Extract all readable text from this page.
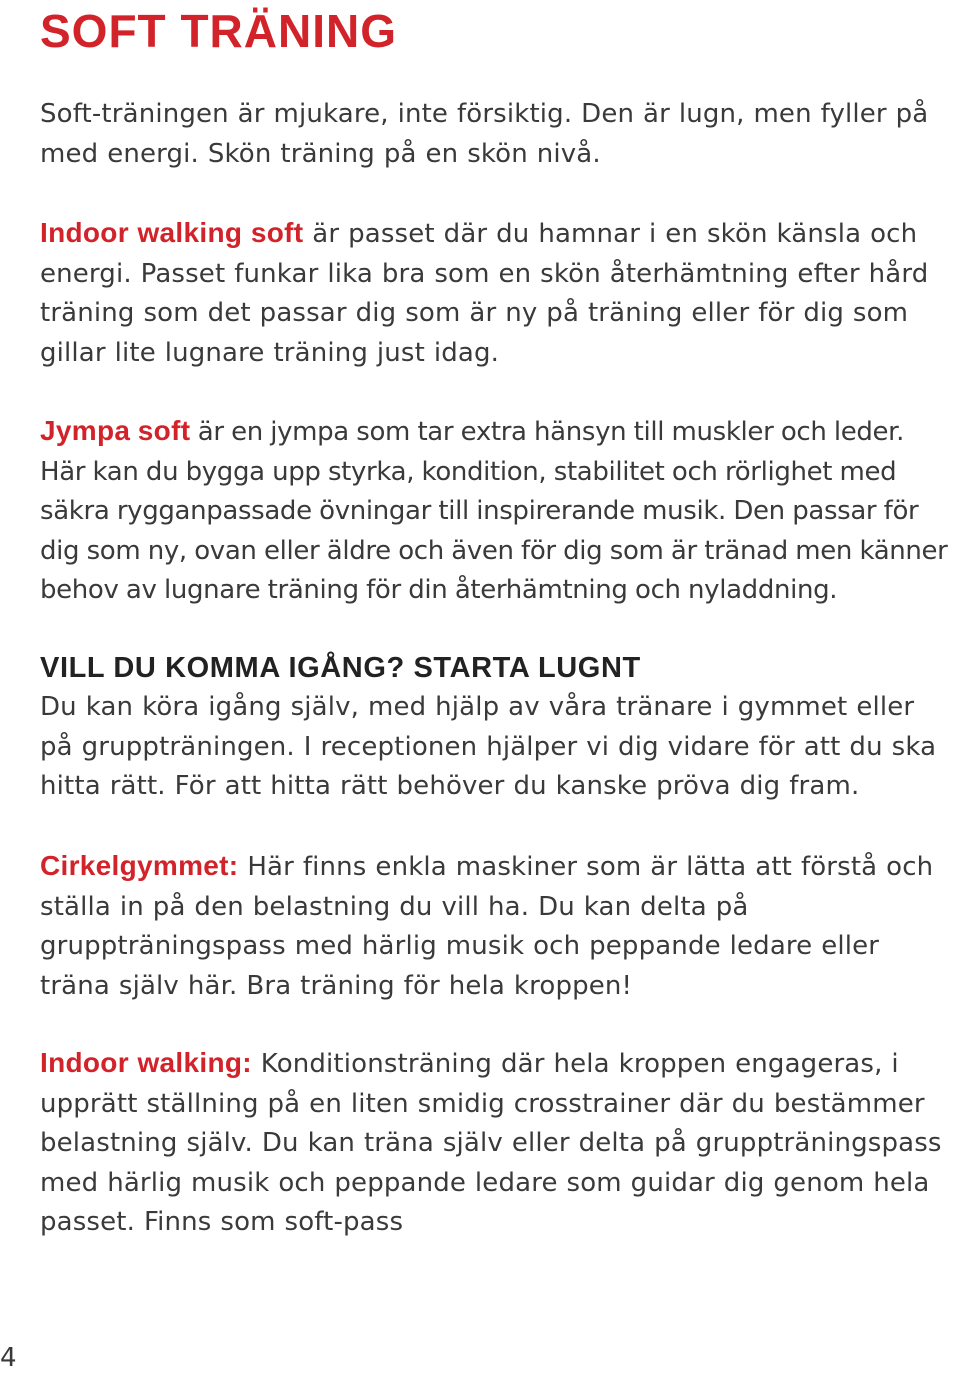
SOFT TRÄNING

Soft-träningen är mjukare, inte försiktig. Den är lugn, men fyller på med energi. Skön träning på en skön nivå.

Indoor walking soft är passet där du hamnar i en skön känsla och energi. Passet funkar lika bra som en skön återhämtning efter hård träning som det passar dig som är ny på träning eller för dig som gillar lite lugnare träning just idag.

Jympa soft är en jympa som tar extra hänsyn till muskler och leder. Här kan du bygga upp styrka, kondition, stabilitet och rörlighet med säkra rygganpassade övningar till inspirerande musik. Den passar för dig som ny, ovan eller äldre och även för dig som är tränad men känner behov av lugnare träning för din återhämtning och nyladdning.

VILL DU KOMMA IGÅNG? STARTA LUGNT

Du kan köra igång själv, med hjälp av våra tränare i gymmet eller på gruppträningen. I receptionen hjälper vi dig vidare för att du ska hitta rätt. För att hitta rätt behöver du kanske pröva dig fram.

Cirkelgymmet: Här finns enkla maskiner som är lätta att förstå och ställa in på den belastning du vill ha. Du kan delta på gruppträningspass med härlig musik och peppande ledare eller träna själv här. Bra träning för hela kroppen!

Indoor walking: Konditionsträning där hela kroppen engageras, i upprätt ställning på en liten smidig crosstrainer där du bestämmer belastning själv. Du kan träna själv eller delta på gruppträningspass med härlig musik och peppande ledare som guidar dig genom hela passet. Finns som soft-pass

4
